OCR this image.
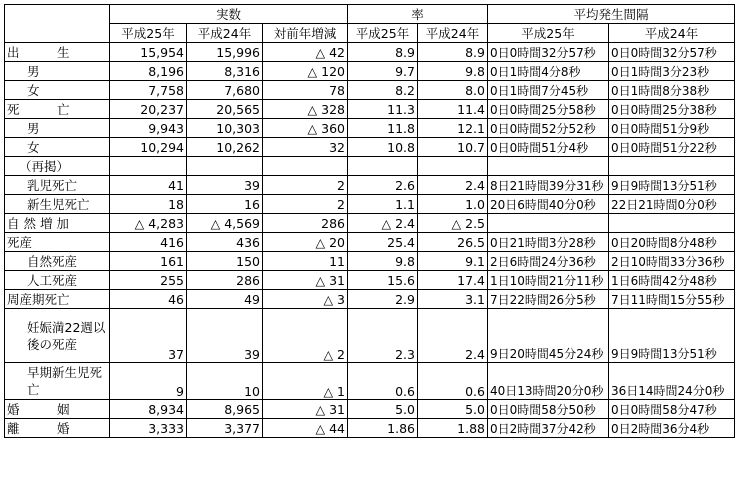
	実数			率		平均発生間隔	
	平成25年	平成24年	対前年増減	平成25年	平成24年	平成25年	平成24年
出　　　生	15,954	15,996	△ 42	8.9	8.9	0日0時間32分57秒	0日0時間32分57秒
男	8,196	8,316	△ 120	9.7	9.8	0日1時間4分8秒	0日1時間3分23秒
女	7,758	7,680	78	8.2	8.0	0日1時間7分45秒	0日1時間8分38秒
死　　　亡	20,237	20,565	△ 328	11.3	11.4	0日0時間25分58秒	0日0時間25分38秒
男	9,943	10,303	△ 360	11.8	12.1	0日0時間52分52秒	0日0時間51分9秒
女	10,294	10,262	32	10.8	10.7	0日0時間51分4秒	0日0時間51分22秒
（再掲）							
乳児死亡	41	39	2	2.6	2.4	8日21時間39分31秒	9日9時間13分51秒
新生児死亡	18	16	2	1.1	1.0	20日6時間40分0秒	22日21時間0分0秒
自 然 増 加	△ 4,283	△ 4,569	286	△ 2.4	△ 2.5		
死産	416	436	△ 20	25.4	26.5	0日21時間3分28秒	0日20時間8分48秒
自然死産	161	150	11	9.8	9.1	2日6時間24分36秒	2日10時間33分36秒
人工死産	255	286	△ 31	15.6	17.4	1日10時間21分11秒	1日6時間42分48秒
周産期死亡	46	49	△ 3	2.9	3.1	7日22時間26分5秒	7日11時間15分55秒
妊娠満22週以後の死産	37	39	△ 2	2.3	2.4	9日20時間45分24秒	9日9時間13分51秒
早期新生児死亡	9	10	△ 1	0.6	0.6	40日13時間20分0秒	36日14時間24分0秒
婚　　　姻	8,934	8,965	△ 31	5.0	5.0	0日0時間58分50秒	0日0時間58分47秒
離　　　婚	3,333	3,377	△ 44	1.86	1.88	0日2時間37分42秒	0日2時間36分4秒
